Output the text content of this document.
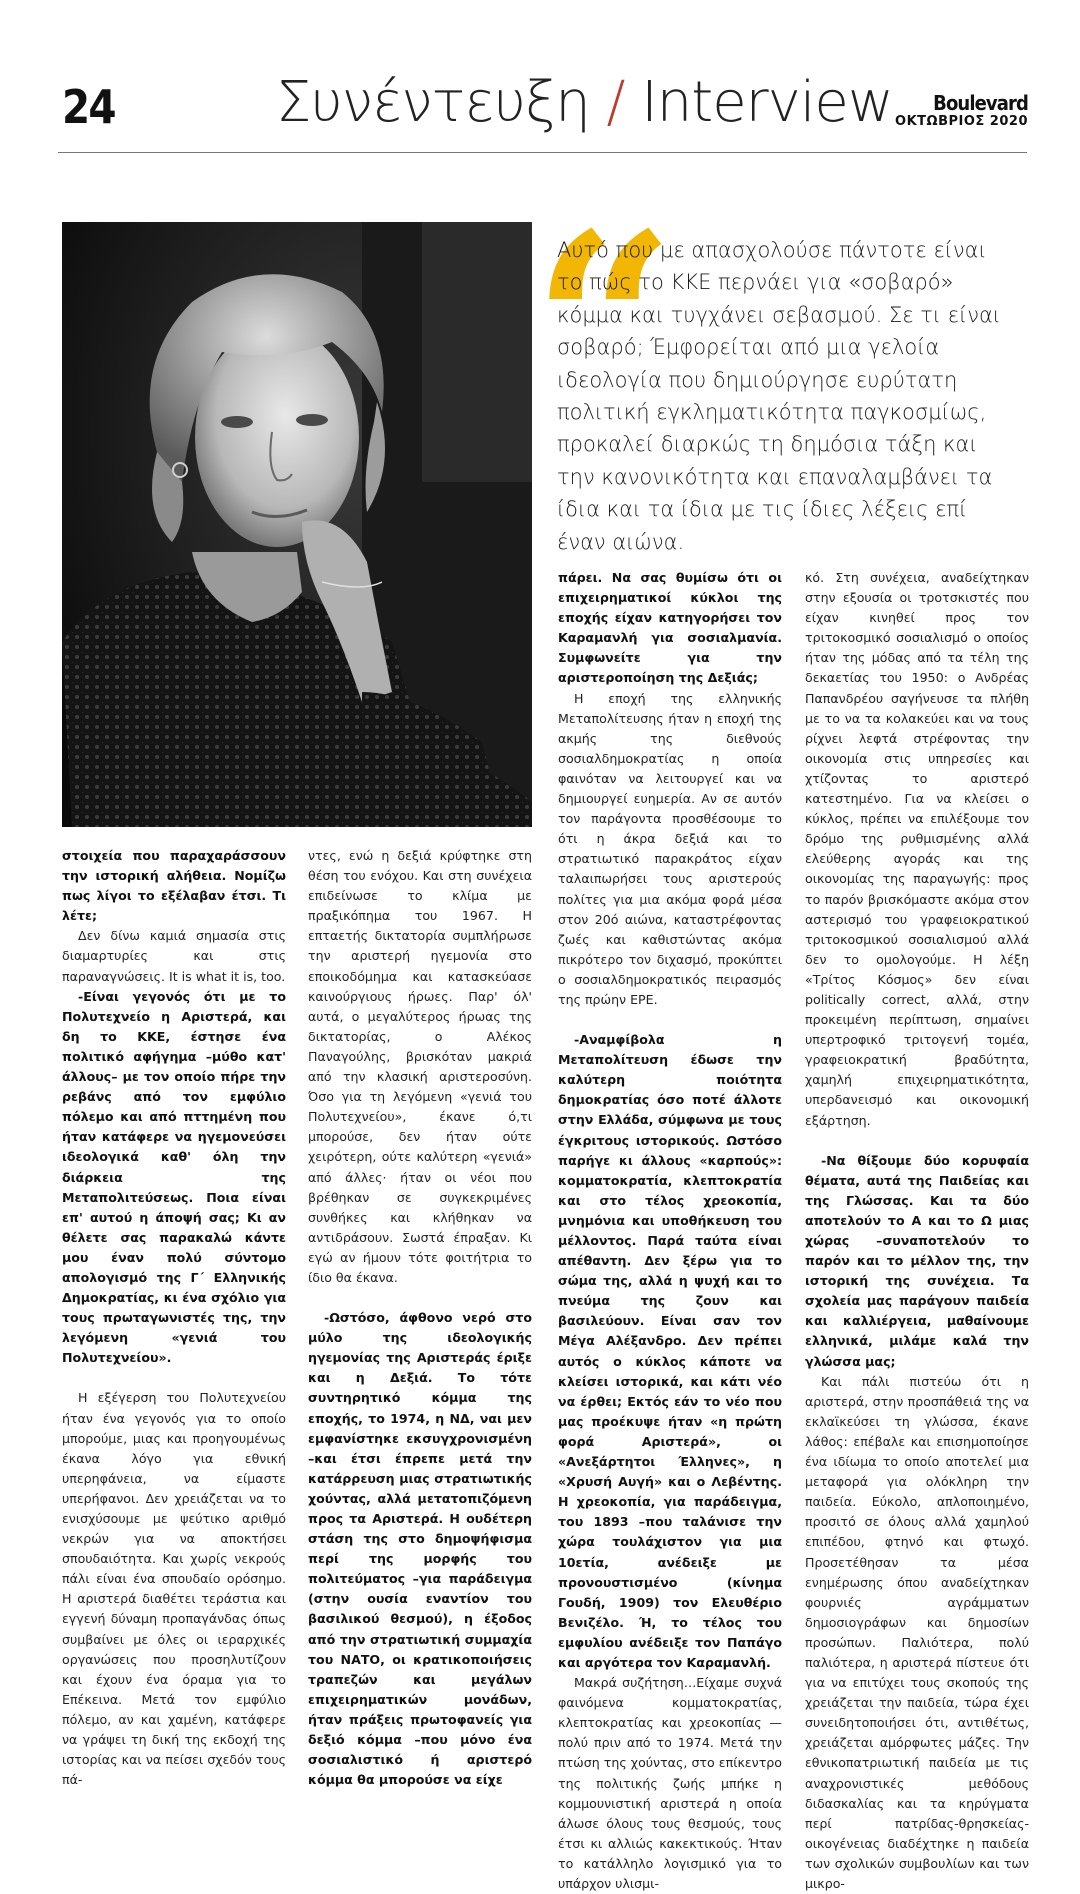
24	Συνέντευξη / Interview	Boulevard
ΟΚΤΩΒΡΙΟΣ 2020
“
Αυτό που με απασχολούσε πάντοτε είναι το πώς το ΚΚΕ περνάει για «σοβαρό» κόμμα και τυγχάνει σεβασμού. Σε τι είναι σοβαρό; Έμφορείται από μια γελοία ιδεολογία που δημιούργησε ευρύτατη πολιτική εγκληματικότητα παγκοσμίως, προκαλεί διαρκώς τη δημόσια τάξη και την κανονικότητα και επαναλαμβάνει τα ίδια και τα ίδια με τις ίδιες λέξεις επί έναν αιώνα.

στοιχεία που παραχαράσσουν την ιστορική αλήθεια. Νομίζω πως λίγοι το εξέλαβαν έτσι. Τι λέτε;

Δεν δίνω καμιά σημασία στις διαμαρτυρίες και στις παραναγνώσεις. It is what it is, too.

-Είναι γεγονός ότι με το Πολυτεχνείο η Αριστερά, και δη το ΚΚΕ, έστησε ένα πολιτικό αφήγημα –μύθο κατ' άλλους– με τον οποίο πήρε την ρεβάνς από τον εμφύλιο πόλεμο και από πττημένη που ήταν κατάφερε να ηγεμονεύσει ιδεολογικά καθ' όλη την διάρκεια της Μεταπολιτεύσεως. Ποια είναι επ' αυτού η άποψή σας; Κι αν θέλετε σας παρακαλώ κάντε μου έναν πολύ σύντομο απολογισμό της Γ΄ Ελληνικής Δημοκρατίας, κι ένα σχόλιο για τους πρωταγωνιστές της, την λεγόμενη «γενιά του Πολυτεχνείου».

Η εξέγερση του Πολυτεχνείου ήταν ένα γεγονός για το οποίο μπορούμε, μιας και προηγουμένως έκανα λόγο για εθνική υπερηφάνεια, να είμαστε υπερήφανοι. Δεν χρειάζεται να το ενισχύσουμε με ψεύτικο αριθμό νεκρών για να αποκτήσει σπουδαιότητα. Και χωρίς νεκρούς πάλι είναι ένα σπουδαίο ορόσημο. Η αριστερά διαθέτει τεράστια και εγγενή δύναμη προπαγάνδας όπως συμβαίνει με όλες οι ιεραρχικές οργανώσεις που προσηλυτίζουν και έχουν ένα όραμα για το Επέκεινα. Μετά τον εμφύλιο πόλεμο, αν και χαμένη, κατάφερε να γράψει τη δική της εκδοχή της ιστορίας και να πείσει σχεδόν τους πά-

ντες, ενώ η δεξιά κρύφτηκε στη θέση του ενόχου. Και στη συνέχεια επιδείνωσε το κλίμα με πραξικόπημα του 1967. Η επταετής δικτατορία συμπλήρωσε την αριστερή ηγεμονία στο εποικοδόμημα και κατασκεύασε καινούργιους ήρωες. Παρ' όλ' αυτά, ο μεγαλύτερος ήρωας της δικτατορίας, ο Αλέκος Παναγούλης, βρισκόταν μακριά από την κλασική αριστεροσύνη. Όσο για τη λεγόμενη «γενιά του Πολυτεχνείου», έκανε ό,τι μπορούσε, δεν ήταν ούτε χειρότερη, ούτε καλύτερη «γενιά» από άλλες· ήταν οι νέοι που βρέθηκαν σε συγκεκριμένες συνθήκες και κλήθηκαν να αντιδράσουν. Σωστά έπραξαν. Κι εγώ αν ήμουν τότε φοιτήτρια το ίδιο θα έκανα.

-Ωστόσο, άφθονο νερό στο μύλο της ιδεολογικής ηγεμονίας της Αριστεράς έριξε και η Δεξιά. Το τότε συντηρητικό κόμμα της εποχής, το 1974, η ΝΔ, ναι μεν εμφανίστηκε εκσυγχρονισμένη –και έτσι έπρεπε μετά την κατάρρευση μιας στρατιωτικής χούντας, αλλά μετατοπιζόμενη προς τα Αριστερά. Η ουδέτερη στάση της στο δημοψήφισμα περί της μορφής του πολιτεύματος –για παράδειγμα (στην ουσία εναντίον του βασιλικού θεσμού), η έξοδος από την στρατιωτική συμμαχία του ΝΑΤΟ, οι κρατικοποιήσεις τραπεζών και μεγάλων επιχειρηματικών μονάδων, ήταν πράξεις πρωτοφανείς για δεξιό κόμμα –που μόνο ένα σοσιαλιστικό ή αριστερό κόμμα θα μπορούσε να είχε

πάρει. Να σας θυμίσω ότι οι επιχειρηματικοί κύκλοι της εποχής είχαν κατηγορήσει τον Καραμανλή για σοσιαλμανία. Συμφωνείτε για την αριστεροποίηση της Δεξιάς;

Η εποχή της ελληνικής Μεταπολίτευσης ήταν η εποχή της ακμής της διεθνούς σοσιαλδημοκρατίας η οποία φαινόταν να λειτουργεί και να δημιουργεί ευημερία. Αν σε αυτόν τον παράγοντα προσθέσουμε το ότι η άκρα δεξιά και το στρατιωτικό παρακράτος είχαν ταλαιπωρήσει τους αριστερούς πολίτες για μια ακόμα φορά μέσα στον 20ό αιώνα, καταστρέφοντας ζωές και καθιστώντας ακόμα πικρότερο τον διχασμό, προκύπτει ο σοσιαλδημοκρατικός πειρασμός της πρώην ΕΡΕ.

-Αναμφίβολα η Μεταπολίτευση έδωσε την καλύτερη ποιότητα δημοκρατίας όσο ποτέ άλλοτε στην Ελλάδα, σύμφωνα με τους έγκριτους ιστορικούς. Ωστόσο παρήγε κι άλλους «καρπούς»: κομματοκρατία, κλεπτοκρατία και στο τέλος χρεοκοπία, μνημόνια και υποθήκευση του μέλλοντος. Παρά ταύτα είναι απέθαντη. Δεν ξέρω για το σώμα της, αλλά η ψυχή και το πνεύμα της ζουν και βασιλεύουν. Είναι σαν τον Μέγα Αλέξανδρο. Δεν πρέπει αυτός ο κύκλος κάποτε να κλείσει ιστορικά, και κάτι νέο να έρθει; Εκτός εάν το νέο που μας προέκυψε ήταν «η πρώτη φορά Αριστερά», οι «Ανεξάρτητοι Έλληνες», η «Χρυσή Αυγή» και ο Λεβέντης. Η χρεοκοπία, για παράδειγμα, του 1893 –που ταλάνισε την χώρα τουλάχιστον για μια 10ετία, ανέδειξε με προνουστισμένο (κίνημα Γουδή, 1909) τον Ελευθέριο Βενιζέλο. Ή, το τέλος του εμφυλίου ανέδειξε τον Παπάγο και αργότερα τον Καραμανλή.

Μακρά συζήτηση…Είχαμε συχνά φαινόμενα κομματοκρατίας, κλεπτοκρατίας και χρεοκοπίας —πολύ πριν από το 1974. Μετά την πτώση της χούντας, στο επίκεντρο της πολιτικής ζωής μπήκε η κομμουνιστική αριστερά η οποία άλωσε όλους τους θεσμούς, τους έτσι κι αλλιώς κακεκτικούς. Ήταν το κατάλληλο λογισμικό για το υπάρχον υλισμι-

κό. Στη συνέχεια, αναδείχτηκαν στην εξουσία οι τροτσκιστές που είχαν κινηθεί προς τον τριτοκοσμικό σοσιαλισμό ο οποίος ήταν της μόδας από τα τέλη της δεκαετίας του 1950: ο Ανδρέας Παπανδρέου σαγήνευσε τα πλήθη με το να τα κολακεύει και να τους ρίχνει λεφτά στρέφοντας την οικονομία στις υπηρεσίες και χτίζοντας το αριστερό κατεστημένο. Για να κλείσει ο κύκλος, πρέπει να επιλέξουμε τον δρόμο της ρυθμισμένης αλλά ελεύθερης αγοράς και της οικονομίας της παραγωγής: προς το παρόν βρισκόμαστε ακόμα στον αστερισμό του γραφειοκρατικού τριτοκοσμικού σοσιαλισμού αλλά δεν το ομολογούμε. Η λέξη «Τρίτος Κόσμος» δεν είναι politically correct, αλλά, στην προκειμένη περίπτωση, σημαίνει υπερτροφικό τριτογενή τομέα, γραφειοκρατική βραδύτητα, χαμηλή επιχειρηματικότητα, υπερδανεισμό και οικονομική εξάρτηση.

-Να θίξουμε δύο κορυφαία θέματα, αυτά της Παιδείας και της Γλώσσας. Και τα δύο αποτελούν το Α και το Ω μιας χώρας –συναποτελούν το παρόν και το μέλλον της, την ιστορική της συνέχεια. Τα σχολεία μας παράγουν παιδεία και καλλιέργεια, μαθαίνουμε ελληνικά, μιλάμε καλά την γλώσσα μας;

Και πάλι πιστεύω ότι η αριστερά, στην προσπάθειά της να εκλαϊκεύσει τη γλώσσα, έκανε λάθος: επέβαλε και επισημοποίησε ένα ιδίωμα το οποίο αποτελεί μια μεταφορά για ολόκληρη την παιδεία. Εύκολο, απλοποιημένο, προσιτό σε όλους αλλά χαμηλού επιπέδου, φτηνό και φτωχό. Προσετέθησαν τα μέσα ενημέρωσης όπου αναδείχτηκαν φουρνιές αγράμματων δημοσιογράφων και δημοσίων προσώπων. Παλιότερα, πολύ παλιότερα, η αριστερά πίστευε ότι για να επιτύχει τους σκοπούς της χρειάζεται την παιδεία, τώρα έχει συνειδητοποιήσει ότι, αντιθέτως, χρειάζεται αμόρφωτες μάζες. Την εθνικοπατριωτική παιδεία με τις αναχρονιστικές μεθόδους διδασκαλίας και τα κηρύγματα περί πατρίδας-θρησκείας-οικογένειας διαδέχτηκε η παιδεία των σχολικών συμβουλίων και των μικρο-
